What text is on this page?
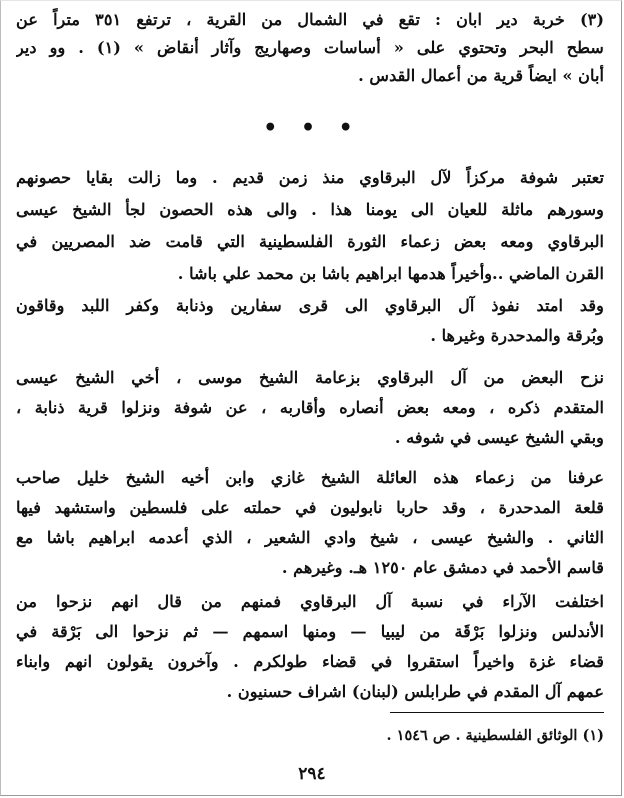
(٣) خربة دير ابان : تقع في الشمال من القرية ، ترتفع ٣٥١ متراً عن

سطح البحر وتحتوي على « أساسات وصهاريج وآثار أنقاض » (١) . وو دير

أبان » ايضاً قرية من أعمال القدس .

• • •

تعتبر شوفة مركزاً لآل البرقاوي منذ زمن قديم . وما زالت بقايا حصونهم

وسورهم ماثلة للعيان الى يومنا هذا . والى هذه الحصون لجأ الشيخ عيسى

البرقاوي ومعه بعض زعماء الثورة الفلسطينية التي قامت ضد المصريين في

القرن الماضي ..وأخيراً هدمها ابراهيم باشا بن محمد علي باشا .

وقد امتد نفوذ آل البرقاوي الى قرى سفارين وذنابة وكفر اللبد وقاقون

وبُرقة والمدحدرة وغيرها .

نزح البعض من آل البرقاوي بزعامة الشيخ موسى ، أخي الشيخ عيسى

المتقدم ذكره ، ومعه بعض أنصاره وأقاربه ، عن شوفة ونزلوا قرية ذنابة ،

وبقي الشيخ عيسى في شوفه .

عرفنا من زعماء هذه العائلة الشيخ غازي وابن أخيه الشيخ خليل صاحب

قلعة المدحدرة ، وقد حاربا نابوليون في حملته على فلسطين واستشهد فيها

الثاني . والشيخ عيسى ، شيخ وادي الشعير ، الذي أعدمه ابراهيم باشا مع

قاسم الأحمد في دمشق عام ١٢٥٠ هـ. وغيرهم .

اختلفت الآراء في نسبة آل البرقاوي فمنهم من قال انهم نزحوا من

الأندلس ونزلوا بَرْقَة من ليبيا — ومنها اسمهم — ثم نزحوا الى بَرْقة في

قضاء غزة واخيراً استقروا في قضاء طولكرم . وآخرون يقولون انهم وابناء

عمهم آل المقدم في طرابلس (لبنان) اشراف حسنيون .

(١) الوثائق الفلسطينية . ص ١٥٤٦ .
٢٩٤
